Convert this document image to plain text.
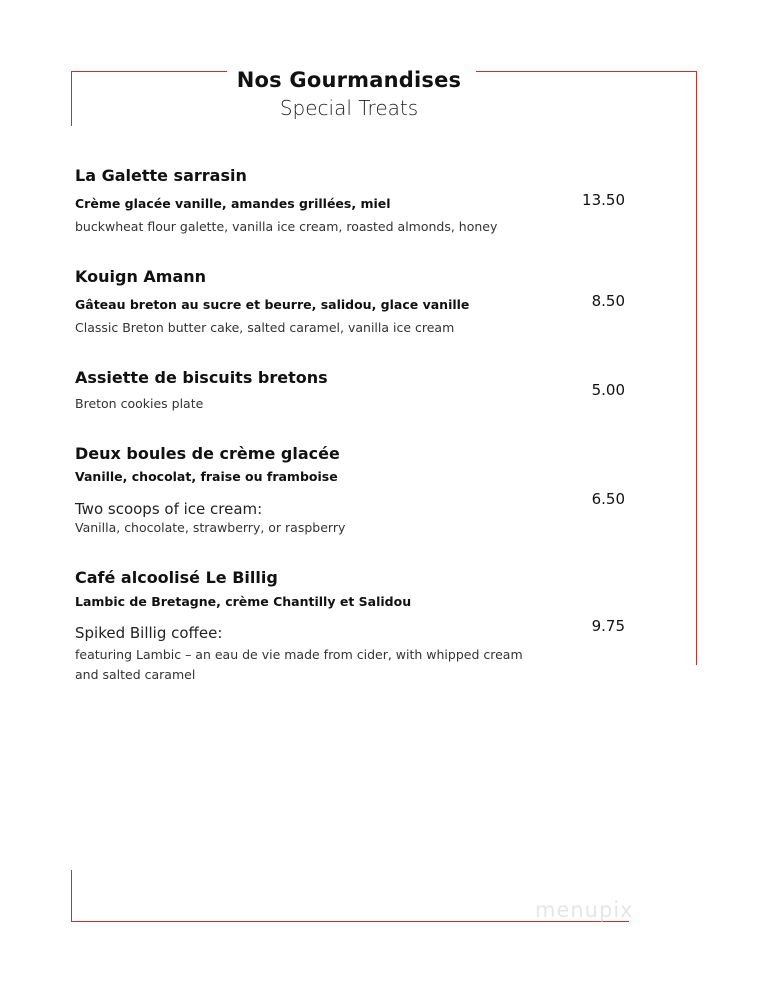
Nos Gourmandises
Special Treats
La Galette sarrasin
Crème glacée vanille, amandes grillées, miel
buckwheat flour galette, vanilla ice cream, roasted almonds, honey
13.50
Kouign Amann
Gâteau breton au sucre et beurre, salidou, glace vanille
Classic Breton butter cake, salted caramel, vanilla ice cream
8.50
Assiette de biscuits bretons
Breton cookies plate
5.00
Deux boules de crème glacée
Vanille, chocolat, fraise ou framboise
Two scoops of ice cream:
Vanilla, chocolate, strawberry, or raspberry
6.50
Café alcoolisé Le Billig
Lambic de Bretagne, crème Chantilly et Salidou
Spiked Billig coffee:
featuring Lambic – an eau de vie made from cider, with whipped cream
and salted caramel
9.75
menupix
